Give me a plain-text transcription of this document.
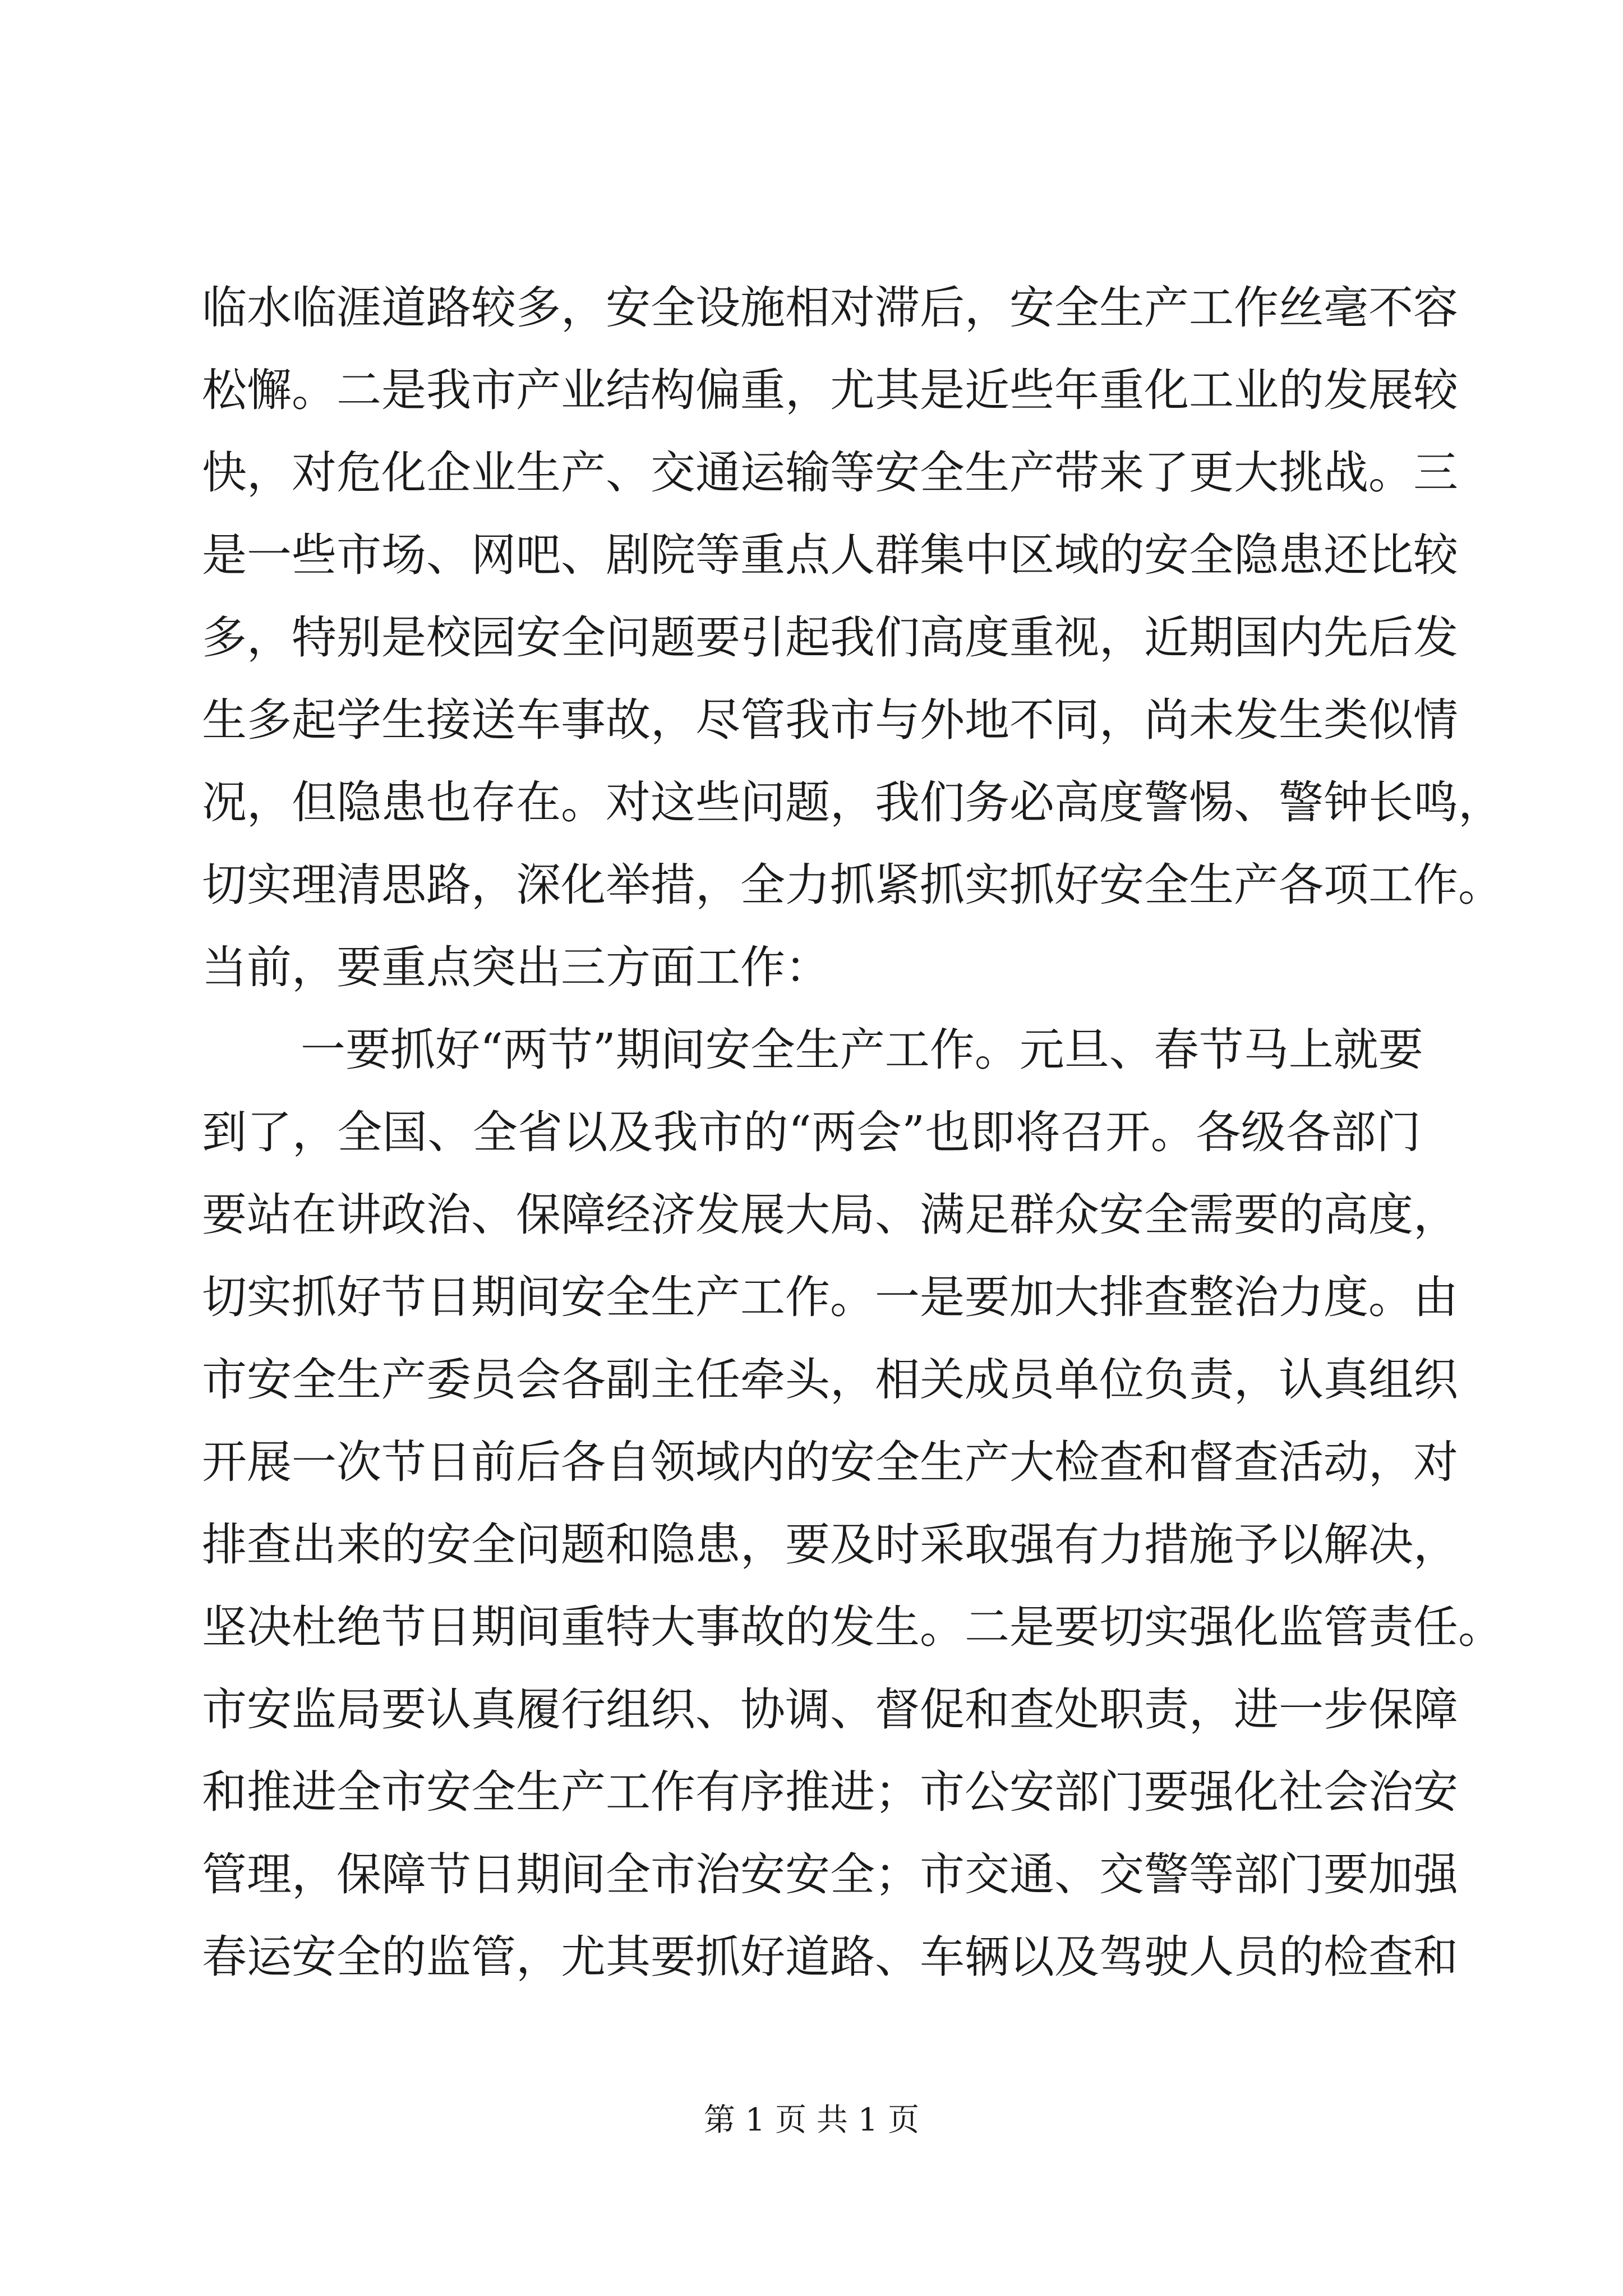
临水临涯道路较多，安全设施相对滞后，安全生产工作丝毫不容
松懈。二是我市产业结构偏重，尤其是近些年重化工业的发展较
快，对危化企业生产、交通运输等安全生产带来了更大挑战。三
是一些市场、网吧、剧院等重点人群集中区域的安全隐患还比较
多，特别是校园安全问题要引起我们高度重视，近期国内先后发
生多起学生接送车事故，尽管我市与外地不同，尚未发生类似情
况，但隐患也存在。对这些问题，我们务必高度警惕、警钟长鸣，
切实理清思路，深化举措，全力抓紧抓实抓好安全生产各项工作。
当前，要重点突出三方面工作：
一要抓好“两节”期间安全生产工作。元旦、春节马上就要
到了，全国、全省以及我市的“两会”也即将召开。各级各部门
要站在讲政治、保障经济发展大局、满足群众安全需要的高度，
切实抓好节日期间安全生产工作。一是要加大排查整治力度。由
市安全生产委员会各副主任牵头，相关成员单位负责，认真组织
开展一次节日前后各自领域内的安全生产大检查和督查活动，对
排查出来的安全问题和隐患，要及时采取强有力措施予以解决，
坚决杜绝节日期间重特大事故的发生。二是要切实强化监管责任。
市安监局要认真履行组织、协调、督促和查处职责，进一步保障
和推进全市安全生产工作有序推进；市公安部门要强化社会治安
管理，保障节日期间全市治安安全；市交通、交警等部门要加强
春运安全的监管，尤其要抓好道路、车辆以及驾驶人员的检查和
第 1 页 共 1 页
